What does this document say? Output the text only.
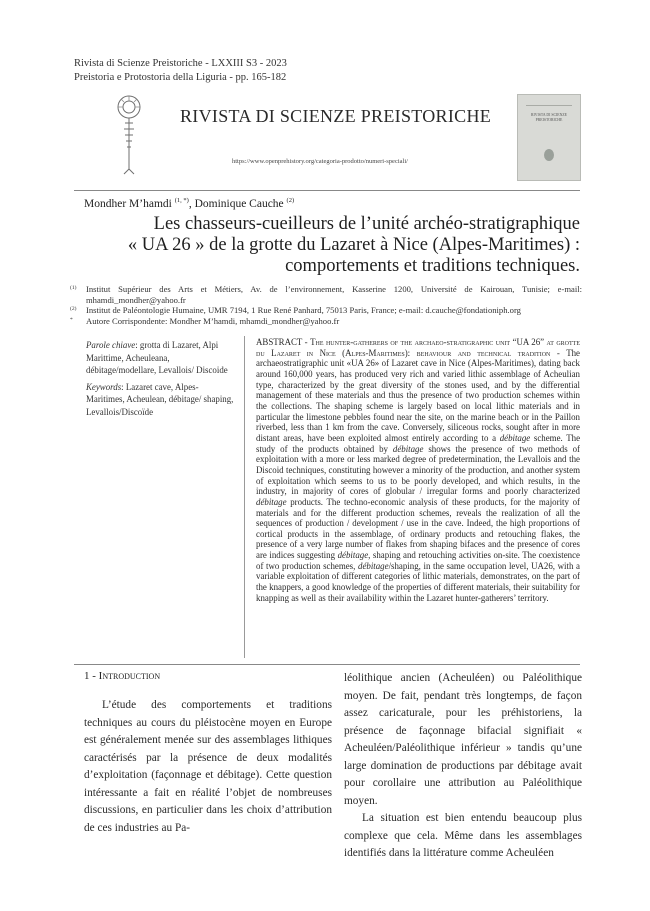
Rivista di Scienze Preistoriche - LXXIII S3 - 2023
Preistoria e Protostoria della Liguria - pp. 165-182
RIVISTA DI SCIENZE PREISTORICHE
https://www.openprehistory.org/categoria-prodotto/numeri-speciali/
RIVISTA DI SCIENZE PREISTORICHE
Mondher M’hamdi $^{(1, *)}$, Dominique Cauche $^{(2)}$
Les chasseurs-cueilleurs de l’unité archéo-stratigraphique
« UA 26 » de la grotte du Lazaret à Nice (Alpes-Maritimes) :
comportements et traditions techniques.
(1) Institut Supérieur des Arts et Métiers, Av. de l’environnement, Kasserine 1200, Université de Kairouan, Tunisie; e-mail: mhamdi_mondher@yahoo.fr
(2) Institut de Paléontologie Humaine, UMR 7194, 1 Rue René Panhard, 75013 Paris, France; e-mail: d.cauche@fondationiph.org
* Autore Corrispondente: Mondher M’hamdi, mhamdi_mondher@yahoo.fr

Parole chiave: grotta di Lazaret, Alpi Marittime, Acheuleana, débitage/modellare, Levallois/ Discoide

Keywords: Lazaret cave, Alpes-Maritimes, Acheulean, débitage/ shaping, Levallois/Discoïde

ABSTRACT - The hunter-gatherers of the archaeo-stratigraphic unit “UA 26” at grotte du Lazaret in Nice (Alpes-Maritimes): behaviour and technical tradition - The archaeostratigraphic unit «UA 26» of Lazaret cave in Nice (Alpes-Maritimes), dating back around 160,000 years, has produced very rich and varied lithic assemblage of Acheulian type, characterized by the great diversity of the stones used, and by the differential management of these materials and thus the presence of two production schemes within the collections. The shaping scheme is largely based on local lithic materials and in particular the limestone pebbles found near the site, on the marine beach or in the Paillon riverbed, less than 1 km from the cave. Conversely, siliceous rocks, sought after in more distant areas, have been exploited almost entirely according to a débitage scheme. The study of the products obtained by débitage shows the presence of two methods of exploitation with a more or less marked degree of predetermination, the Levallois and the Discoid techniques, constituting however a minority of the production, and another system of exploitation which seems to us to be poorly developed, and which results, in the industry, in majority of cores of globular / irregular forms and poorly characterized débitage products. The techno-economic analysis of these products, for the majority of materials and for the different production schemes, reveals the realization of all the sequences of production / development / use in the cave. Indeed, the high proportions of cortical products in the assemblage, of ordinary products and retouching flakes, the presence of a very large number of flakes from shaping bifaces and the presence of cores are indices suggesting débitage, shaping and retouching activities on-site. The coexistence of two production schemes, débitage/shaping, in the same occupation level, UA26, with a variable exploitation of different categories of lithic materials, demonstrates, on the part of the knappers, a good knowledge of the properties of different materials, their suitability for knapping as well as their availability within the Lazaret hunter-gatherers’ territory.
1 - Introduction

L’étude des comportements et traditions techniques au cours du pléistocène moyen en Europe est généralement menée sur des assemblages lithiques caractérisés par la présence de deux modalités d’exploitation (façonnage et débitage). Cette question intéressante a fait en réalité l’objet de nombreuses discussions, en particulier dans les choix d’attribution de ces industries au Pa-

léolithique ancien (Acheuléen) ou Paléolithique moyen. De fait, pendant très longtemps, de façon assez caricaturale, pour les préhistoriens, la présence de façonnage bifacial signifiait « Acheuléen/Paléolithique inférieur » tandis qu’une large domination de productions par débitage avait pour corollaire une attribution au Paléolithique moyen.

La situation est bien entendu beaucoup plus complexe que cela. Même dans les assemblages identifiés dans la littérature comme Acheuléen
